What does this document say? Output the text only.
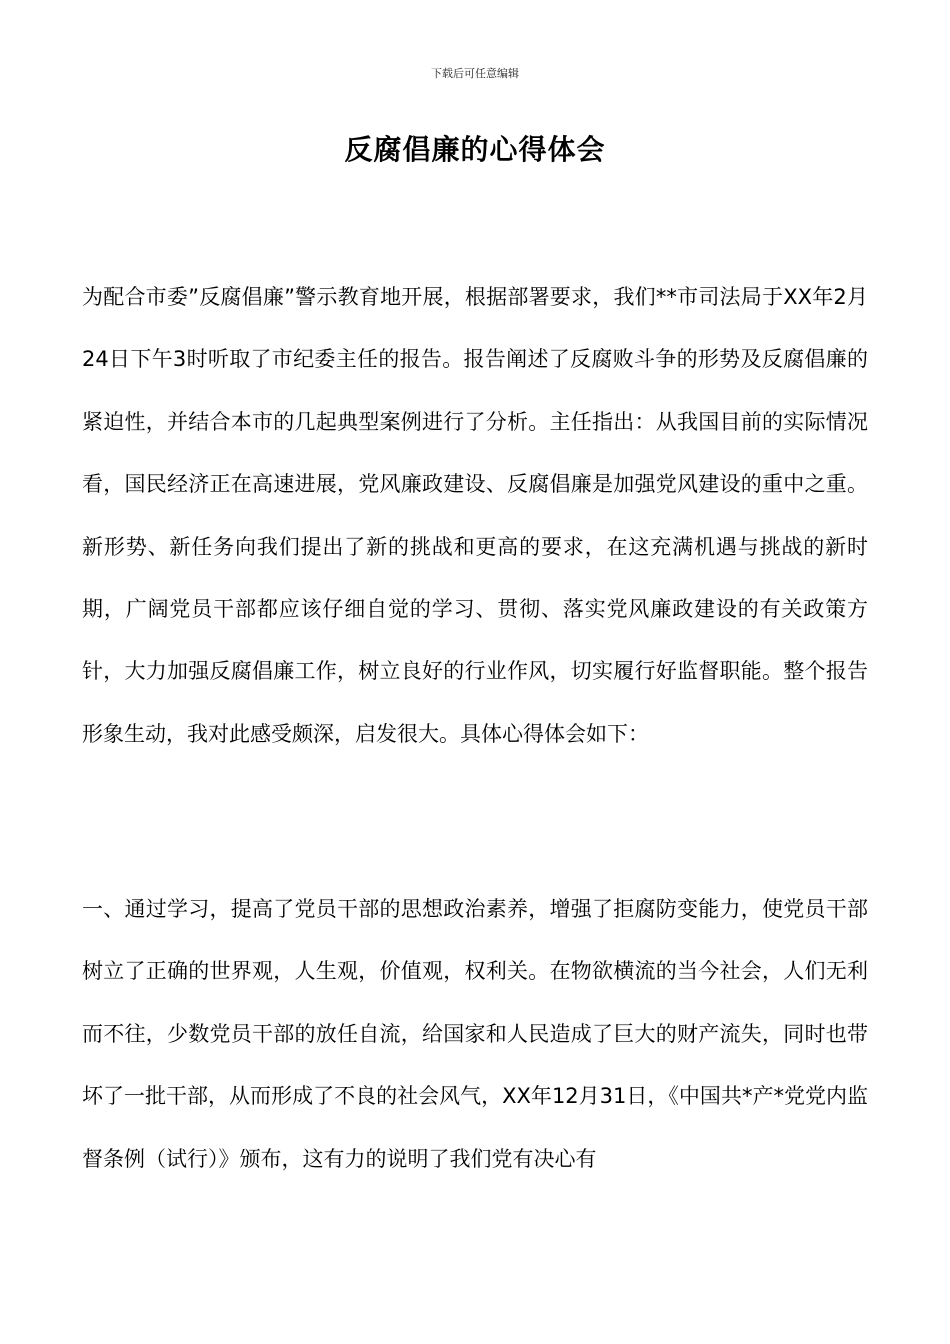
下载后可任意编辑
反腐倡廉的心得体会
为配合市委”反腐倡廉”警示教育地开展，根据部署要求，我们**市司法局于XX年2月24日下午3时听取了市纪委主任的报告。报告阐述了反腐败斗争的形势及反腐倡廉的紧迫性，并结合本市的几起典型案例进行了分析。主任指出：从我国目前的实际情况看，国民经济正在高速进展，党风廉政建设、反腐倡廉是加强党风建设的重中之重。新形势、新任务向我们提出了新的挑战和更高的要求，在这充满机遇与挑战的新时期，广阔党员干部都应该仔细自觉的学习、贯彻、落实党风廉政建设的有关政策方针，大力加强反腐倡廉工作，树立良好的行业作风，切实履行好监督职能。整个报告形象生动，我对此感受颇深，启发很大。具体心得体会如下：
一、通过学习，提高了党员干部的思想政治素养，增强了拒腐防变能力，使党员干部树立了正确的世界观，人生观，价值观，权利关。在物欲横流的当今社会，人们无利而不往，少数党员干部的放任自流，给国家和人民造成了巨大的财产流失，同时也带坏了一批干部，从而形成了不良的社会风气，XX年12月31日，《中国共*产*党党内监督条例（试行）》颁布，这有力的说明了我们党有决心有
